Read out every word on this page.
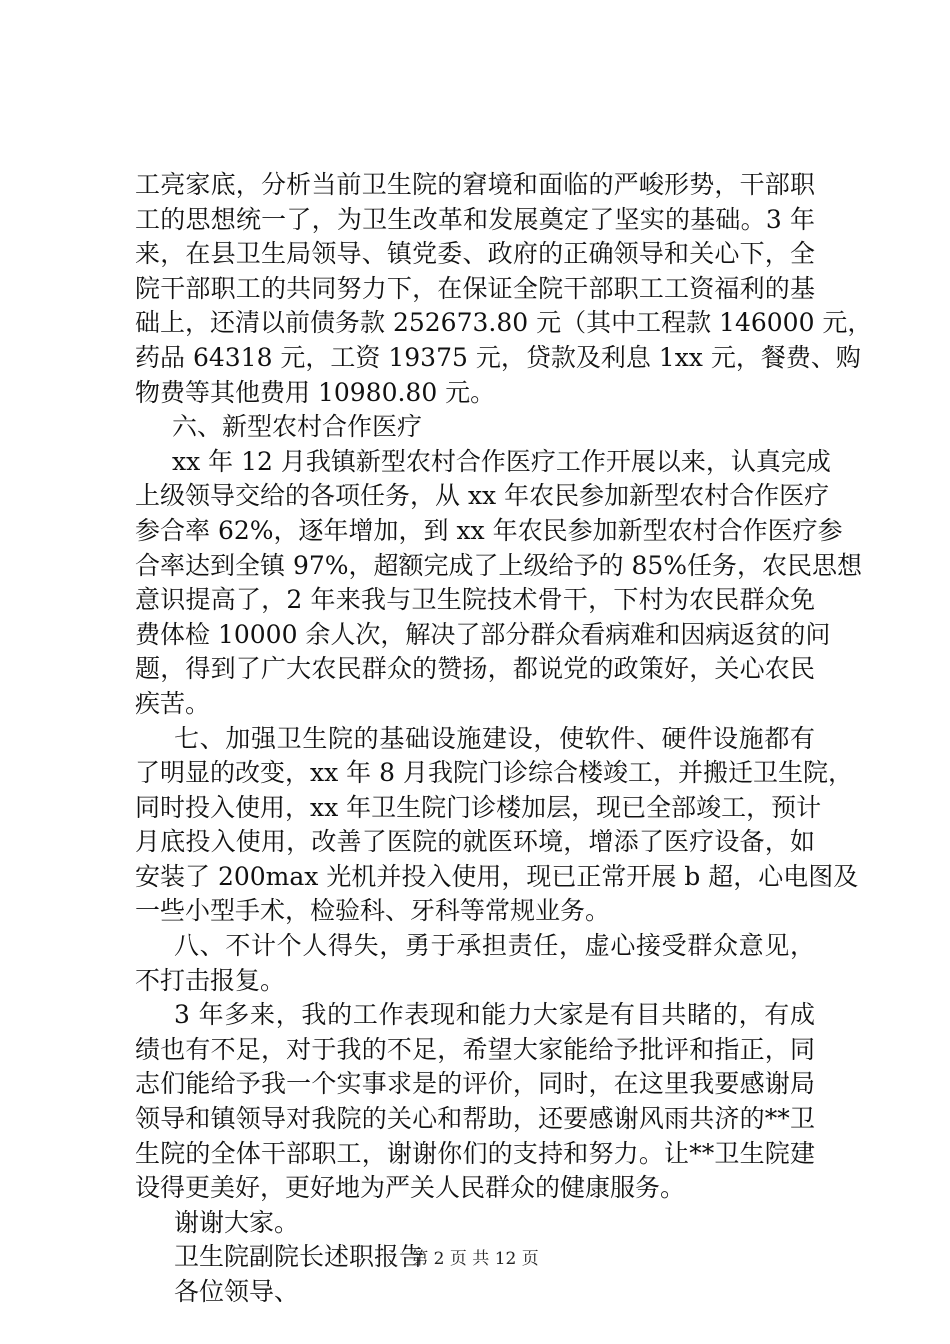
工亮家底，分析当前卫生院的窘境和面临的严峻形势，干部职
工的思想统一了，为卫生改革和发展奠定了坚实的基础。3 年
来，在县卫生局领导、镇党委、政府的正确领导和关心下，全
院干部职工的共同努力下，在保证全院干部职工工资福利的基
础上，还清以前债务款 252673.80 元（其中工程款 146000 元，
药品 64318 元，工资 19375 元，贷款及利息 1xx 元，餐费、购
物费等其他费用 10980.80 元。
六、新型农村合作医疗
xx 年 12 月我镇新型农村合作医疗工作开展以来，认真完成
上级领导交给的各项任务，从 xx 年农民参加新型农村合作医疗
参合率 62%，逐年增加，到 xx 年农民参加新型农村合作医疗参
合率达到全镇 97%，超额完成了上级给予的 85%任务，农民思想
意识提高了，2 年来我与卫生院技术骨干，下村为农民群众免
费体检 10000 余人次，解决了部分群众看病难和因病返贫的问
题，得到了广大农民群众的赞扬，都说党的政策好，关心农民
疾苦。
七、加强卫生院的基础设施建设，使软件、硬件设施都有
了明显的改变，xx 年 8 月我院门诊综合楼竣工，并搬迁卫生院，
同时投入使用，xx 年卫生院门诊楼加层，现已全部竣工，预计
月底投入使用，改善了医院的就医环境，增添了医疗设备，如
安装了 200max 光机并投入使用，现已正常开展 b 超，心电图及
一些小型手术，检验科、牙科等常规业务。
八、不计个人得失，勇于承担责任，虚心接受群众意见，
不打击报复。
3 年多来，我的工作表现和能力大家是有目共睹的，有成
绩也有不足，对于我的不足，希望大家能给予批评和指正，同
志们能给予我一个实事求是的评价，同时，在这里我要感谢局
领导和镇领导对我院的关心和帮助，还要感谢风雨共济的**卫
生院的全体干部职工，谢谢你们的支持和努力。让**卫生院建
设得更美好，更好地为严关人民群众的健康服务。
谢谢大家。
卫生院副院长述职报告
各位领导、
第 2 页 共 12 页
